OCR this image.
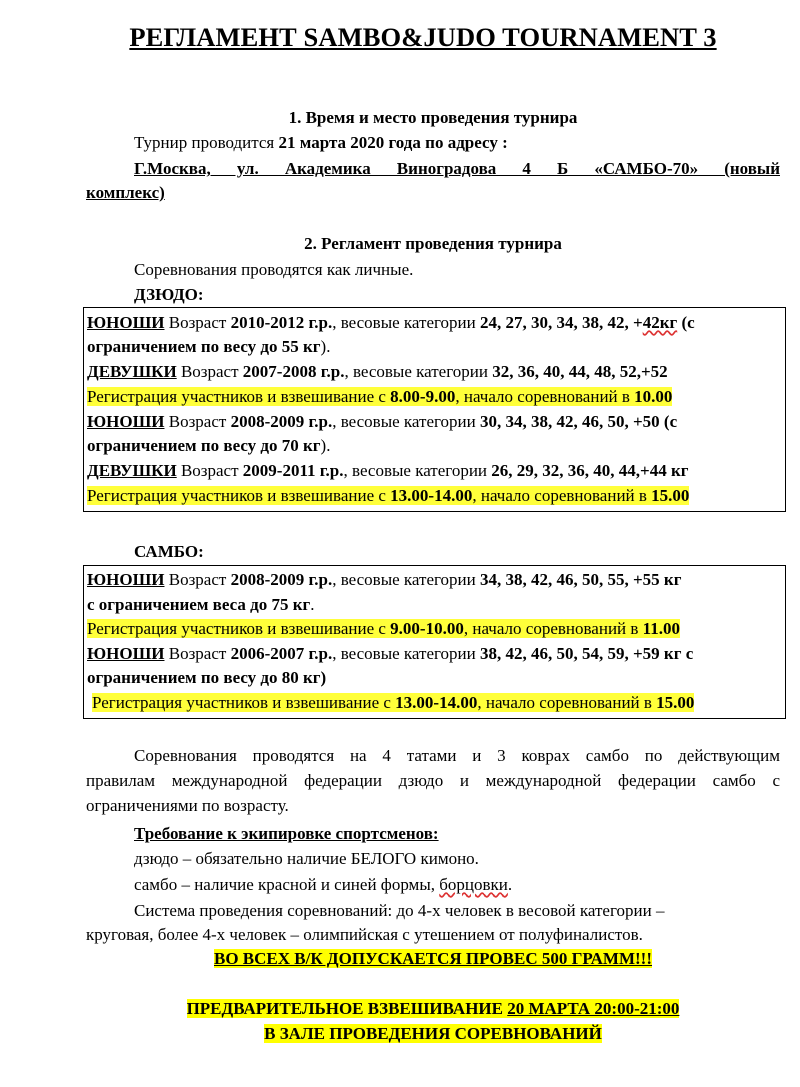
РЕГЛАМЕНТ SAMBO&JUDO TOURNAMENT 3
1. Время и место проведения турнира
Турнир проводится 21 марта 2020 года по адресу :
Г.Москва, ул. Академика Виноградова 4 Б «САМБО-70» (новый
комплекс)
2. Регламент проведения турнира
Соревнования проводятся как личные.
ДЗЮДО:
ЮНОШИ Возраст 2010-2012 г.р., весовые категории 24, 27, 30, 34, 38, 42, +42кг (с
ограничением по весу до 55 кг).
ДЕВУШКИ Возраст 2007-2008 г.р., весовые категории 32, 36, 40, 44, 48, 52,+52
Регистрация участников и взвешивание с 8.00-9.00, начало соревнований в 10.00
ЮНОШИ Возраст 2008-2009 г.р., весовые категории 30, 34, 38, 42, 46, 50, +50 (с
ограничением по весу до 70 кг).
ДЕВУШКИ Возраст 2009-2011 г.р., весовые категории 26, 29, 32, 36, 40, 44,+44 кг
Регистрация участников и взвешивание с 13.00-14.00, начало соревнований в 15.00
САМБО:
ЮНОШИ Возраст 2008-2009 г.р., весовые категории 34, 38, 42, 46, 50, 55, +55 кг
с ограничением веса до 75 кг.
Регистрация участников и взвешивание с 9.00-10.00, начало соревнований в 11.00
ЮНОШИ Возраст 2006-2007 г.р., весовые категории 38, 42, 46, 50, 54, 59, +59 кг с
ограничением по весу до 80 кг)
Регистрация участников и взвешивание с 13.00-14.00, начало соревнований в 15.00
Соревнования проводятся на 4 татами и 3 коврах самбо по действующим
правилам международной федерации дзюдо и международной федерации самбо с
ограничениями по возрасту.
Требование к экипировке спортсменов:
дзюдо – обязательно наличие БЕЛОГО кимоно.
самбо – наличие красной и синей формы, борцовки.
Система проведения соревнований: до 4-х человек в весовой категории –
круговая, более 4-х человек – олимпийская с утешением от полуфиналистов.
ВО ВСЕХ В/К ДОПУСКАЕТСЯ ПРОВЕС 500 ГРАММ!!!
ПРЕДВАРИТЕЛЬНОЕ ВЗВЕШИВАНИЕ 20 МАРТА 20:00-21:00
В ЗАЛЕ ПРОВЕДЕНИЯ СОРЕВНОВАНИЙ
